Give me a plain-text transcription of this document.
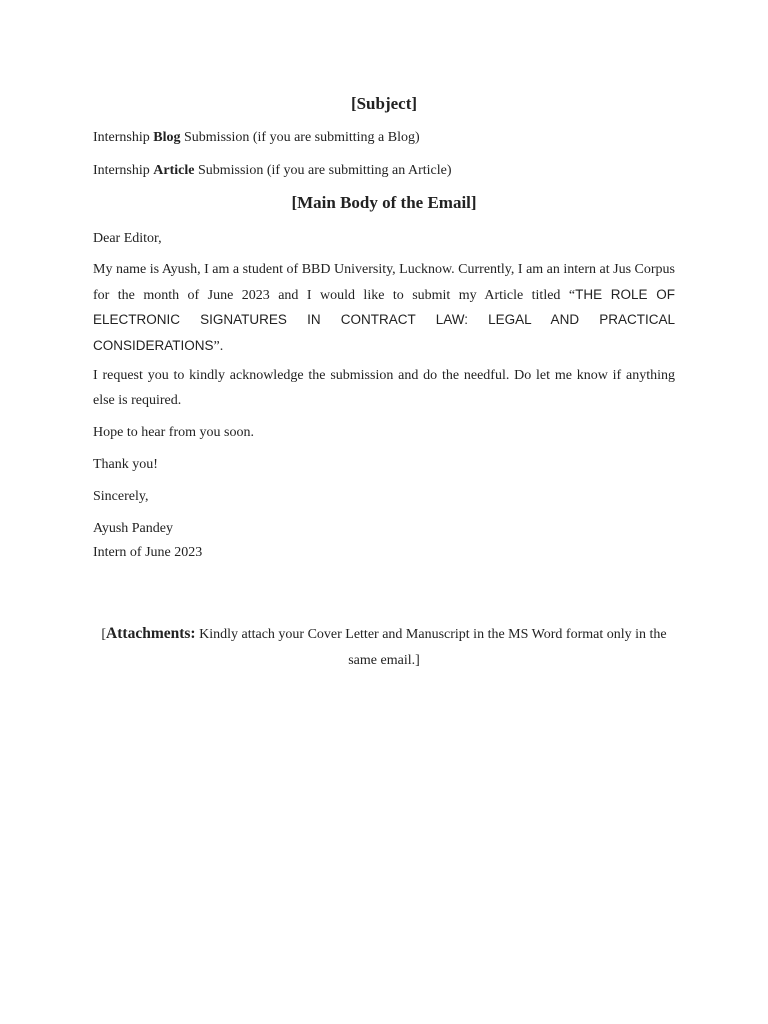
[Subject]
Internship Blog Submission (if you are submitting a Blog)
Internship Article Submission (if you are submitting an Article)
[Main Body of the Email]
Dear Editor,
My name is Ayush, I am a student of BBD University, Lucknow. Currently, I am an intern at Jus Corpus for the month of June 2023 and I would like to submit my Article titled “THE ROLE OF ELECTRONIC SIGNATURES IN CONTRACT LAW: LEGAL AND PRACTICAL CONSIDERATIONS”.
I request you to kindly acknowledge the submission and do the needful. Do let me know if anything else is required.
Hope to hear from you soon.
Thank you!
Sincerely,
Ayush Pandey
Intern of June 2023
[Attachments: Kindly attach your Cover Letter and Manuscript in the MS Word format only in the same email.]
